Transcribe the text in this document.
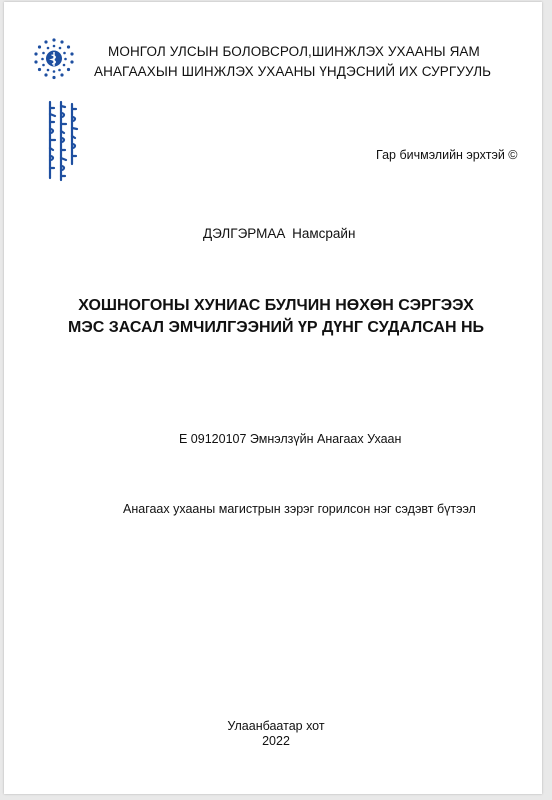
МОНГОЛ УЛСЫН БОЛОВСРОЛ,ШИНЖЛЭХ УХААНЫ ЯАМ
АНАГААХЫН ШИНЖЛЭХ УХААНЫ ҮНДЭСНИЙ ИХ СУРГУУЛЬ
Гар бичмэлийн эрхтэй ©
ДЭЛГЭРМАА Намсрайн
ХОШНОГОНЫ ХУНИАС БУЛЧИН НӨХӨН СЭРГЭЭХ
МЭС ЗАСАЛ ЭМЧИЛГЭЭНИЙ ҮР ДҮНГ СУДАЛСАН НЬ
Е 09120107 Эмнэлзүйн Анагаах Ухаан
Анагаах ухааны магистрын зэрэг горилсон нэг сэдэвт бүтээл
Улаанбаатар хот
2022
